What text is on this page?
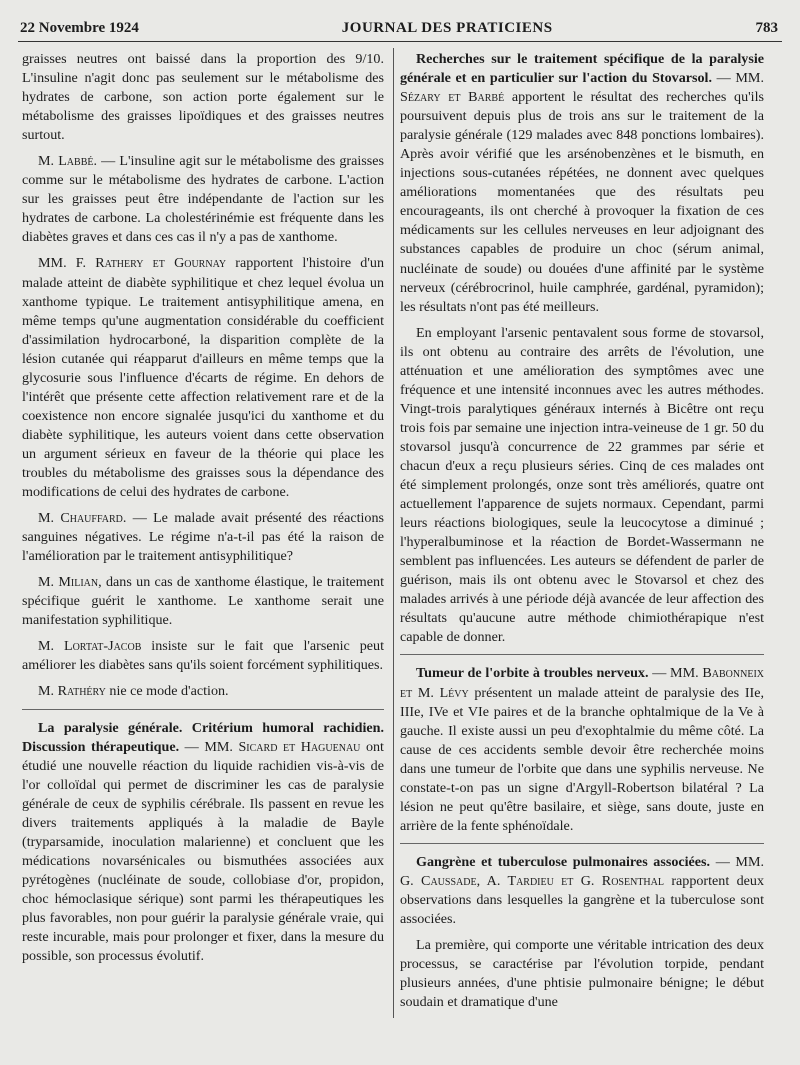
22 Novembre 1924	JOURNAL DES PRATICIENS	783

graisses neutres ont baissé dans la proportion des 9/10. L'insuline n'agit donc pas seulement sur le métabolisme des hydrates de carbone, son action porte également sur le métabolisme des graisses lipoïdiques et des graisses neutres surtout.

M. Labbé. — L'insuline agit sur le métabolisme des graisses comme sur le métabolisme des hydrates de carbone. L'action sur les graisses peut être indépendante de l'action sur les hydrates de carbone. La cholestérinémie est fréquente dans les diabètes graves et dans ces cas il n'y a pas de xanthome.

MM. F. Rathery et Gournay rapportent l'histoire d'un malade atteint de diabète syphilitique et chez lequel évolua un xanthome typique. Le traitement antisyphilitique amena, en même temps qu'une augmentation considérable du coefficient d'assimilation hydrocarboné, la disparition complète de la lésion cutanée qui réapparut d'ailleurs en même temps que la glycosurie sous l'influence d'écarts de régime. En dehors de l'intérêt que présente cette affection relativement rare et de la coexistence non encore signalée jusqu'ici du xanthome et du diabète syphilitique, les auteurs voient dans cette observation un argument sérieux en faveur de la théorie qui place les troubles du métabolisme des graisses sous la dépendance des modifications de celui des hydrates de carbone.

M. Chauffard. — Le malade avait présenté des réactions sanguines négatives. Le régime n'a-t-il pas été la raison de l'amélioration par le traitement antisyphilitique?

M. Milian, dans un cas de xanthome élastique, le traitement spécifique guérit le xanthome. Le xanthome serait une manifestation syphilitique.

M. Lortat-Jacob insiste sur le fait que l'arsenic peut améliorer les diabètes sans qu'ils soient forcément syphilitiques.

M. Rathéry nie ce mode d'action.

La paralysie générale. Critérium humoral rachidien. Discussion thérapeutique. — MM. Sicard et Haguenau ont étudié une nouvelle réaction du liquide rachidien vis-à-vis de l'or colloïdal qui permet de discriminer les cas de paralysie générale de ceux de syphilis cérébrale. Ils passent en revue les divers traitements appliqués à la maladie de Bayle (tryparsamide, inoculation malarienne) et concluent que les médications novarsénicales ou bismuthées associées aux pyrétogènes (nucléinate de soude, collobiase d'or, propidon, choc hémoclasique sérique) sont parmi les thérapeutiques les plus favorables, non pour guérir la paralysie générale vraie, qui reste incurable, mais pour prolonger et fixer, dans la mesure du possible, son processus évolutif.

Recherches sur le traitement spécifique de la paralysie générale et en particulier sur l'action du Stovarsol. — MM. Sézary et Barbé apportent le résultat des recherches qu'ils poursuivent depuis plus de trois ans sur le traitement de la paralysie générale (129 malades avec 848 ponctions lombaires). Après avoir vérifié que les arsénobenzènes et le bismuth, en injections sous-cutanées répétées, ne donnent avec quelques améliorations momentanées que des résultats peu encourageants, ils ont cherché à provoquer la fixation de ces médicaments sur les cellules nerveuses en leur adjoignant des substances capables de produire un choc (sérum animal, nucléinate de soude) ou douées d'une affinité par le système nerveux (cérébrocrinol, huile camphrée, gardénal, pyramidon); les résultats n'ont pas été meilleurs.

En employant l'arsenic pentavalent sous forme de stovarsol, ils ont obtenu au contraire des arrêts de l'évolution, une atténuation et une amélioration des symptômes avec une fréquence et une intensité inconnues avec les autres méthodes. Vingt-trois paralytiques généraux internés à Bicêtre ont reçu trois fois par semaine une injection intra-veineuse de 1 gr. 50 du stovarsol jusqu'à concurrence de 22 grammes par série et chacun d'eux a reçu plusieurs séries. Cinq de ces malades ont été simplement prolongés, onze sont très améliorés, quatre ont actuellement l'apparence de sujets normaux. Cependant, parmi leurs réactions biologiques, seule la leucocytose a diminué ; l'hyperalbuminose et la réaction de Bordet-Wassermann ne semblent pas influencées. Les auteurs se défendent de parler de guérison, mais ils ont obtenu avec le Stovarsol et chez des malades arrivés à une période déjà avancée de leur affection des résultats qu'aucune autre méthode chimiothérapique n'est capable de donner.

Tumeur de l'orbite à troubles nerveux. — MM. Babonneix et M. Lévy présentent un malade atteint de paralysie des IIe, IIIe, IVe et VIe paires et de la branche ophtalmique de la Ve à gauche. Il existe aussi un peu d'exophtalmie du même côté. La cause de ces accidents semble devoir être recherchée moins dans une tumeur de l'orbite que dans une syphilis nerveuse. Ne constate-t-on pas un signe d'Argyll-Robertson bilatéral ? La lésion ne peut qu'être basilaire, et siège, sans doute, juste en arrière de la fente sphénoïdale.

Gangrène et tuberculose pulmonaires associées. — MM. G. Caussade, A. Tardieu et G. Rosenthal rapportent deux observations dans lesquelles la gangrène et la tuberculose sont associées.

La première, qui comporte une véritable intrication des deux processus, se caractérise par l'évolution torpide, pendant plusieurs années, d'une phtisie pulmonaire bénigne; le début soudain et dramatique d'une
